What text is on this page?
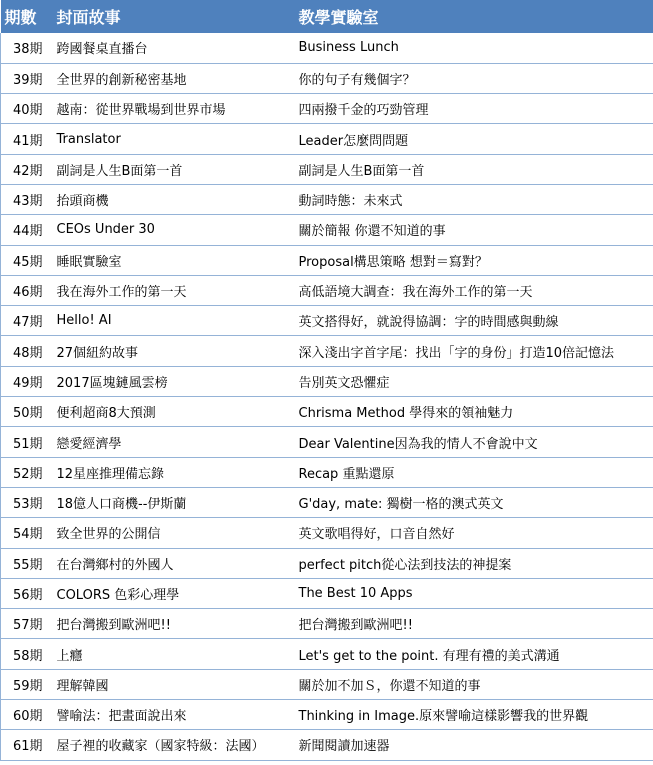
期數	封面故事	教學實驗室
38期	跨國餐桌直播台	Business Lunch
39期	全世界的創新秘密基地	你的句子有幾個字？
40期	越南：從世界戰場到世界市場	四兩撥千金的巧勁管理
41期	Translator	Leader怎麼問問題
42期	副詞是人生B面第一首	副詞是人生B面第一首
43期	抬頭商機	動詞時態：未來式
44期	CEOs Under 30	關於簡報 你還不知道的事
45期	睡眠實驗室	Proposal構思策略 想對＝寫對？
46期	我在海外工作的第一天	高低語境大調查：我在海外工作的第一天
47期	Hello! AI	英文搭得好，就說得協調：字的時間感與動線
48期	27個紐約故事	深入淺出字首字尾：找出「字的身份」打造10倍記憶法
49期	2017區塊鏈風雲榜	告別英文恐懼症
50期	便利超商8大預測	Chrisma Method 學得來的領袖魅力
51期	戀愛經濟學	Dear Valentine因為我的情人不會說中文
52期	12星座推理備忘錄	Recap 重點還原
53期	18億人口商機--伊斯蘭	G'day, mate: 獨樹一格的澳式英文
54期	致全世界的公開信	英文歌唱得好，口音自然好
55期	在台灣鄉村的外國人	perfect pitch從心法到技法的神提案
56期	COLORS 色彩心理學	The Best 10 Apps
57期	把台灣搬到歐洲吧!!	把台灣搬到歐洲吧!!
58期	上癮	Let's get to the point. 有理有禮的美式溝通
59期	理解韓國	關於加不加Ｓ，你還不知道的事
60期	譬喻法：把畫面說出來	Thinking in Image.原來譬喻這樣影響我的世界觀
61期	屋子裡的收藏家（國家特級：法國）	新聞閱讀加速器
